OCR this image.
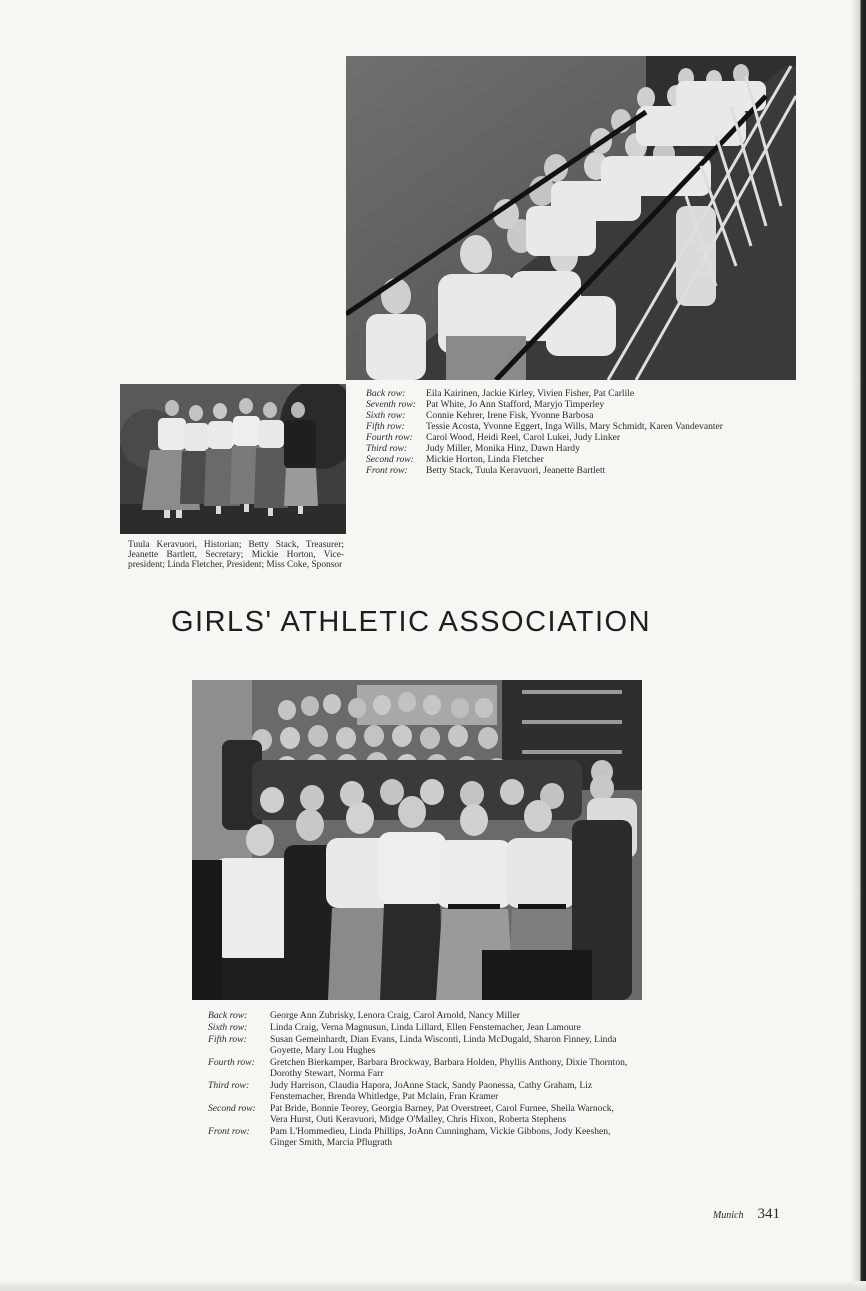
Back row:	Eila Kairinen, Jackie Kirley, Vivien Fisher, Pat Carlile
Seventh row:	Pat White, Jo Ann Stafford, Maryjo Timperley
Sixth row:	Connie Kehrer, Irene Fisk, Yvonne Barbosa
Fifth row:	Tessie Acosta, Yvonne Eggert, Inga Wills, Mary Schmidt, Karen Vandevanter
Fourth row:	Carol Wood, Heidi Reel, Carol Lukei, Judy Linker
Third row:	Judy Miller, Monika Hinz, Dawn Hardy
Second row:	Mickie Horton, Linda Fletcher
Front row:	Betty Stack, Tuula Keravuori, Jeanette Bartlett
Tuula Keravuori, Historian; Betty Stack, Treasurer; Jeanette Bartlett, Secretary; Mickie Horton, Vice-president; Linda Fletcher, President; Miss Coke, Sponsor
GIRLS' ATHLETIC ASSOCIATION
Back row:	George Ann Zubrisky, Lenora Craig, Carol Arnold, Nancy Miller
Sixth row:	Linda Craig, Verna Magnusun, Linda Lillard, Ellen Fenstemacher, Jean Lamoure
Fifth row:	Susan Gemeinhardt, Dian Evans, Linda Wisconti, Linda McDugald, Sharon Finney, Linda Goyette, Mary Lou Hughes
Fourth row:	Gretchen Bierkamper, Barbara Brockway, Barbara Holden, Phyllis Anthony, Dixie Thornton, Dorothy Stewart, Norma Farr
Third row:	Judy Harrison, Claudia Hapora, JoAnne Stack, Sandy Paonessa, Cathy Graham, Liz Fenstemacher, Brenda Whitledge, Pat Mclain, Fran Kramer
Second row:	Pat Bride, Bonnie Teorey, Georgia Barney, Pat Overstreet, Carol Furnee, Sheila Warnock, Vera Hurst, Outi Keravuori, Midge O'Malley, Chris Hixon, Roberta Stephens
Front row:	Pam L'Hommedieu, Linda Phillips, JoAnn Cunningham, Vickie Gibbons, Jody Keeshen, Ginger Smith, Marcia Pflugrath
Munich 341
